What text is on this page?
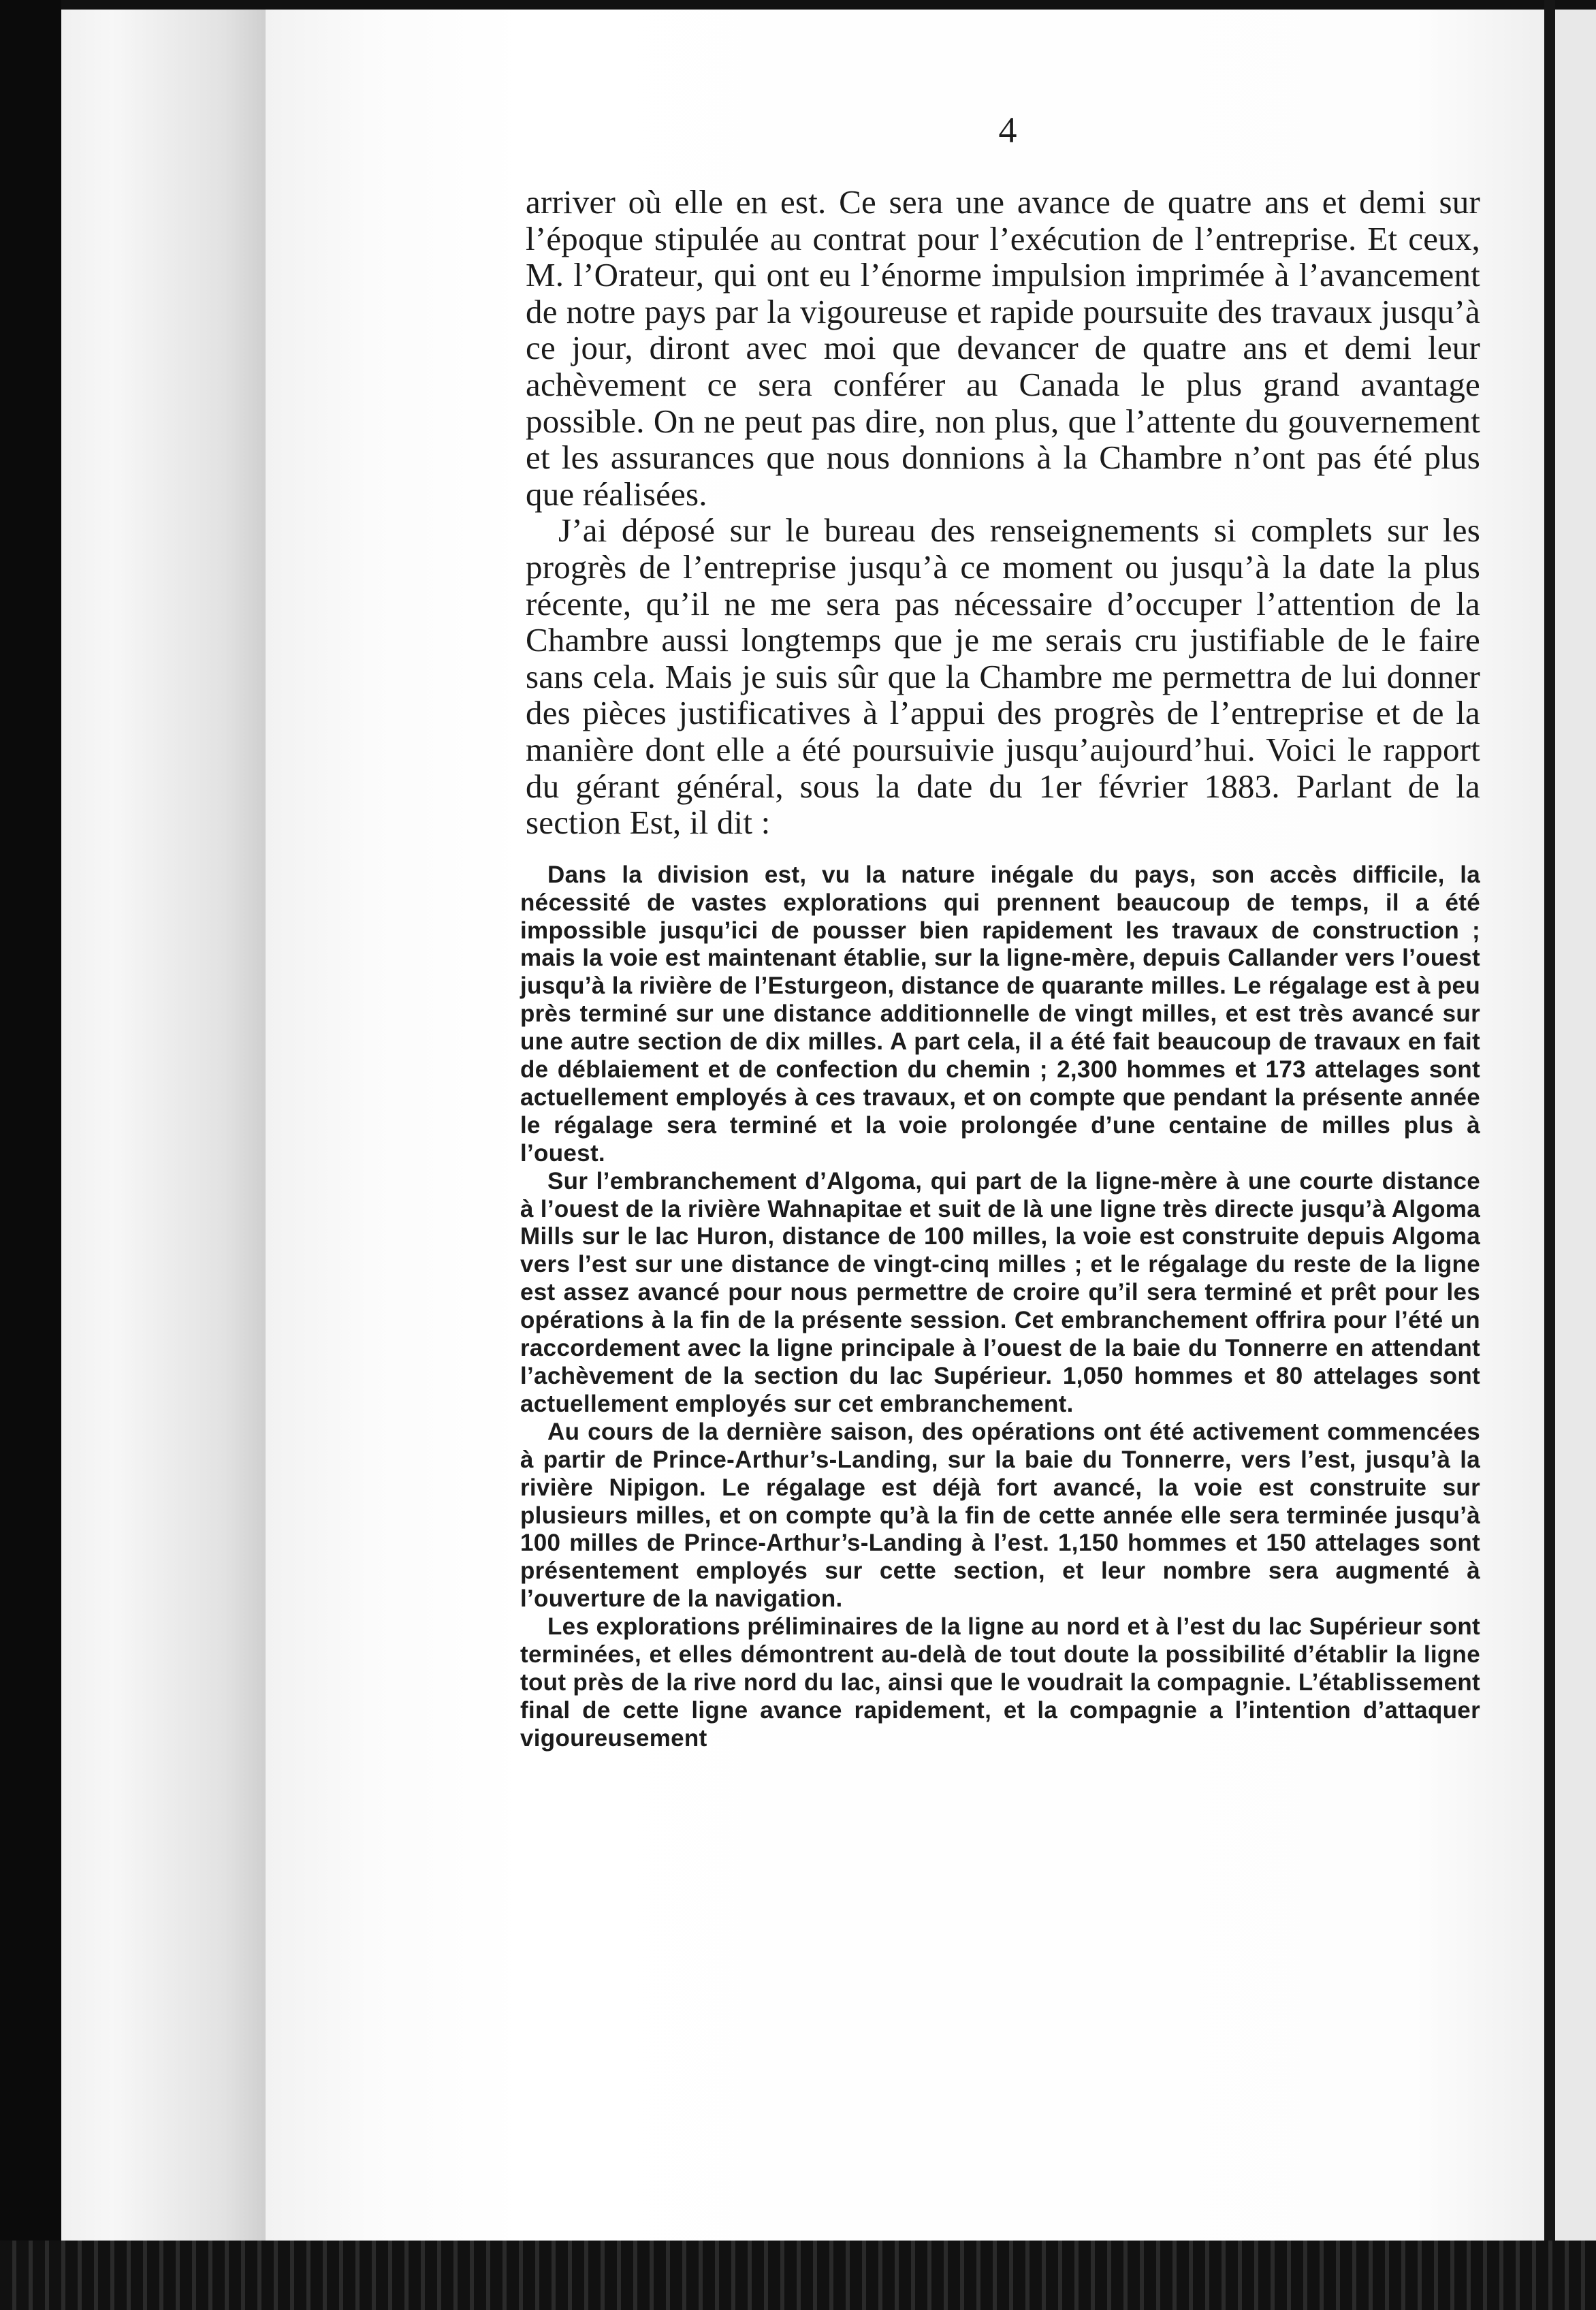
4

arriver où elle en est. Ce sera une avance de quatre ans et demi sur l’époque stipulée au contrat pour l’exécution de l’entreprise. Et ceux, M. l’Orateur, qui ont eu l’énorme impulsion imprimée à l’avancement de notre pays par la vigoureuse et rapide poursuite des travaux jusqu’à ce jour, diront avec moi que devancer de quatre ans et demi leur achèvement ce sera conférer au Canada le plus grand avantage possible. On ne peut pas dire, non plus, que l’attente du gouvernement et les assurances que nous donnions à la Chambre n’ont pas été plus que réalisées.

J’ai déposé sur le bureau des renseignements si complets sur les progrès de l’entreprise jusqu’à ce moment ou jusqu’à la date la plus récente, qu’il ne me sera pas nécessaire d’occuper l’attention de la Chambre aussi longtemps que je me serais cru justifiable de le faire sans cela. Mais je suis sûr que la Chambre me permettra de lui donner des pièces justificatives à l’appui des progrès de l’entreprise et de la manière dont elle a été poursuivie jusqu’aujourd’hui. Voici le rapport du gérant général, sous la date du 1er février 1883. Parlant de la section Est, il dit :

Dans la division est, vu la nature inégale du pays, son accès difficile, la nécessité de vastes explorations qui prennent beaucoup de temps, il a été impossible jusqu’ici de pousser bien rapidement les travaux de construction ; mais la voie est maintenant établie, sur la ligne-mère, depuis Callander vers l’ouest jusqu’à la rivière de l’Esturgeon, distance de quarante milles. Le régalage est à peu près terminé sur une distance additionnelle de vingt milles, et est très avancé sur une autre section de dix milles. A part cela, il a été fait beaucoup de travaux en fait de déblaiement et de confection du chemin ; 2,300 hommes et 173 attelages sont actuellement employés à ces travaux, et on compte que pendant la présente année le régalage sera terminé et la voie prolongée d’une centaine de milles plus à l’ouest.

Sur l’embranchement d’Algoma, qui part de la ligne-mère à une courte distance à l’ouest de la rivière Wahnapitae et suit de là une ligne très directe jusqu’à Algoma Mills sur le lac Huron, distance de 100 milles, la voie est construite depuis Algoma vers l’est sur une distance de vingt-cinq milles ; et le régalage du reste de la ligne est assez avancé pour nous permettre de croire qu’il sera terminé et prêt pour les opérations à la fin de la présente session. Cet embranchement offrira pour l’été un raccordement avec la ligne principale à l’ouest de la baie du Tonnerre en attendant l’achèvement de la section du lac Supérieur. 1,050 hommes et 80 attelages sont actuellement employés sur cet embranchement.

Au cours de la dernière saison, des opérations ont été activement commencées à partir de Prince-Arthur’s-Landing, sur la baie du Tonnerre, vers l’est, jusqu’à la rivière Nipigon. Le régalage est déjà fort avancé, la voie est construite sur plusieurs milles, et on compte qu’à la fin de cette année elle sera terminée jusqu’à 100 milles de Prince-Arthur’s-Landing à l’est. 1,150 hommes et 150 attelages sont présentement employés sur cette section, et leur nombre sera augmenté à l’ouverture de la navigation.

Les explorations préliminaires de la ligne au nord et à l’est du lac Supérieur sont terminées, et elles démontrent au-delà de tout doute la possibilité d’établir la ligne tout près de la rive nord du lac, ainsi que le voudrait la compagnie. L’établissement final de cette ligne avance rapidement, et la compagnie a l’intention d’attaquer vigoureusement
